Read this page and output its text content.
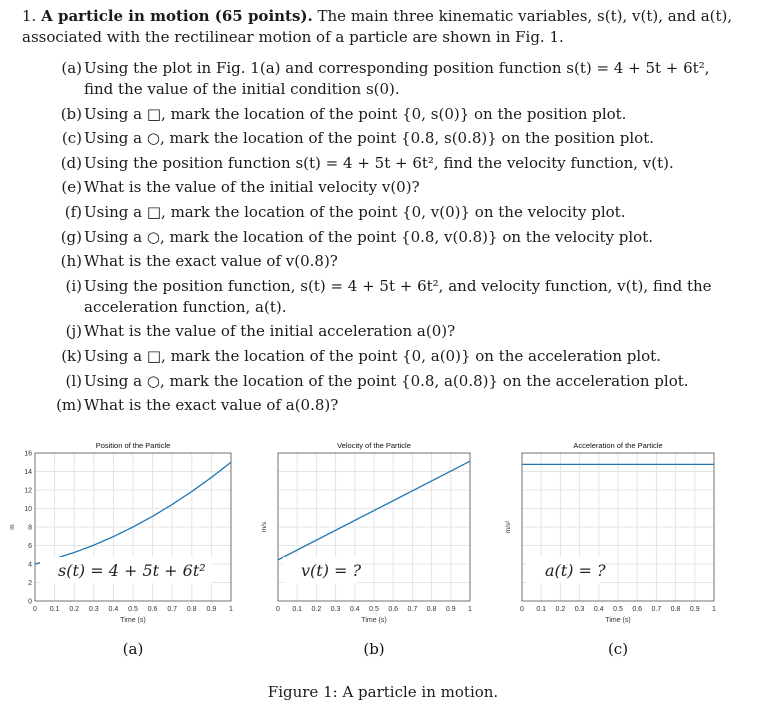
1. A particle in motion (65 points). The main three kinematic variables, s(t), v(t), and a(t), associated with the rectilinear motion of a particle are shown in Fig. 1.
(a) Using the plot in Fig. 1(a) and corresponding position function s(t) = 4 + 5t + 6t², find the value of the initial condition s(0).
(b) Using a □, mark the location of the point {0, s(0)} on the position plot.
(c) Using a ○, mark the location of the point {0.8, s(0.8)} on the position plot.
(d) Using the position function s(t) = 4 + 5t + 6t², find the velocity function, v(t).
(e) What is the value of the initial velocity v(0)?
(f) Using a □, mark the location of the point {0, v(0)} on the velocity plot.
(g) Using a ○, mark the location of the point {0.8, v(0.8)} on the velocity plot.
(h) What is the exact value of v(0.8)?
(i) Using the position function, s(t) = 4 + 5t + 6t², and velocity function, v(t), find the acceleration function, a(t).
(j) What is the value of the initial acceleration a(0)?
(k) Using a □, mark the location of the point {0, a(0)} on the acceleration plot.
(l) Using a ○, mark the location of the point {0.8, a(0.8)} on the acceleration plot.
(m) What is the exact value of a(0.8)?
0 0.1 0.2 0.3 0.4 0.5 0.6 0.7 0.8 0.9 1
0
2
4
6
8
10
12
14
16
Position of the Particle
Time (s)
m
s(t) = 4 + 5t + 6t²
(a)
0 0.1 0.2 0.3 0.4 0.5 0.6 0.7 0.8 0.9 1
Velocity of the Particle
Time (s)
m/s
v(t) = ?
(b)
0 0.1 0.2 0.3 0.4 0.5 0.6 0.7 0.8 0.9 1
Acceleration of the Particle
Time (s)
m/s²
a(t) = ?
(c)
Figure 1: A particle in motion.
